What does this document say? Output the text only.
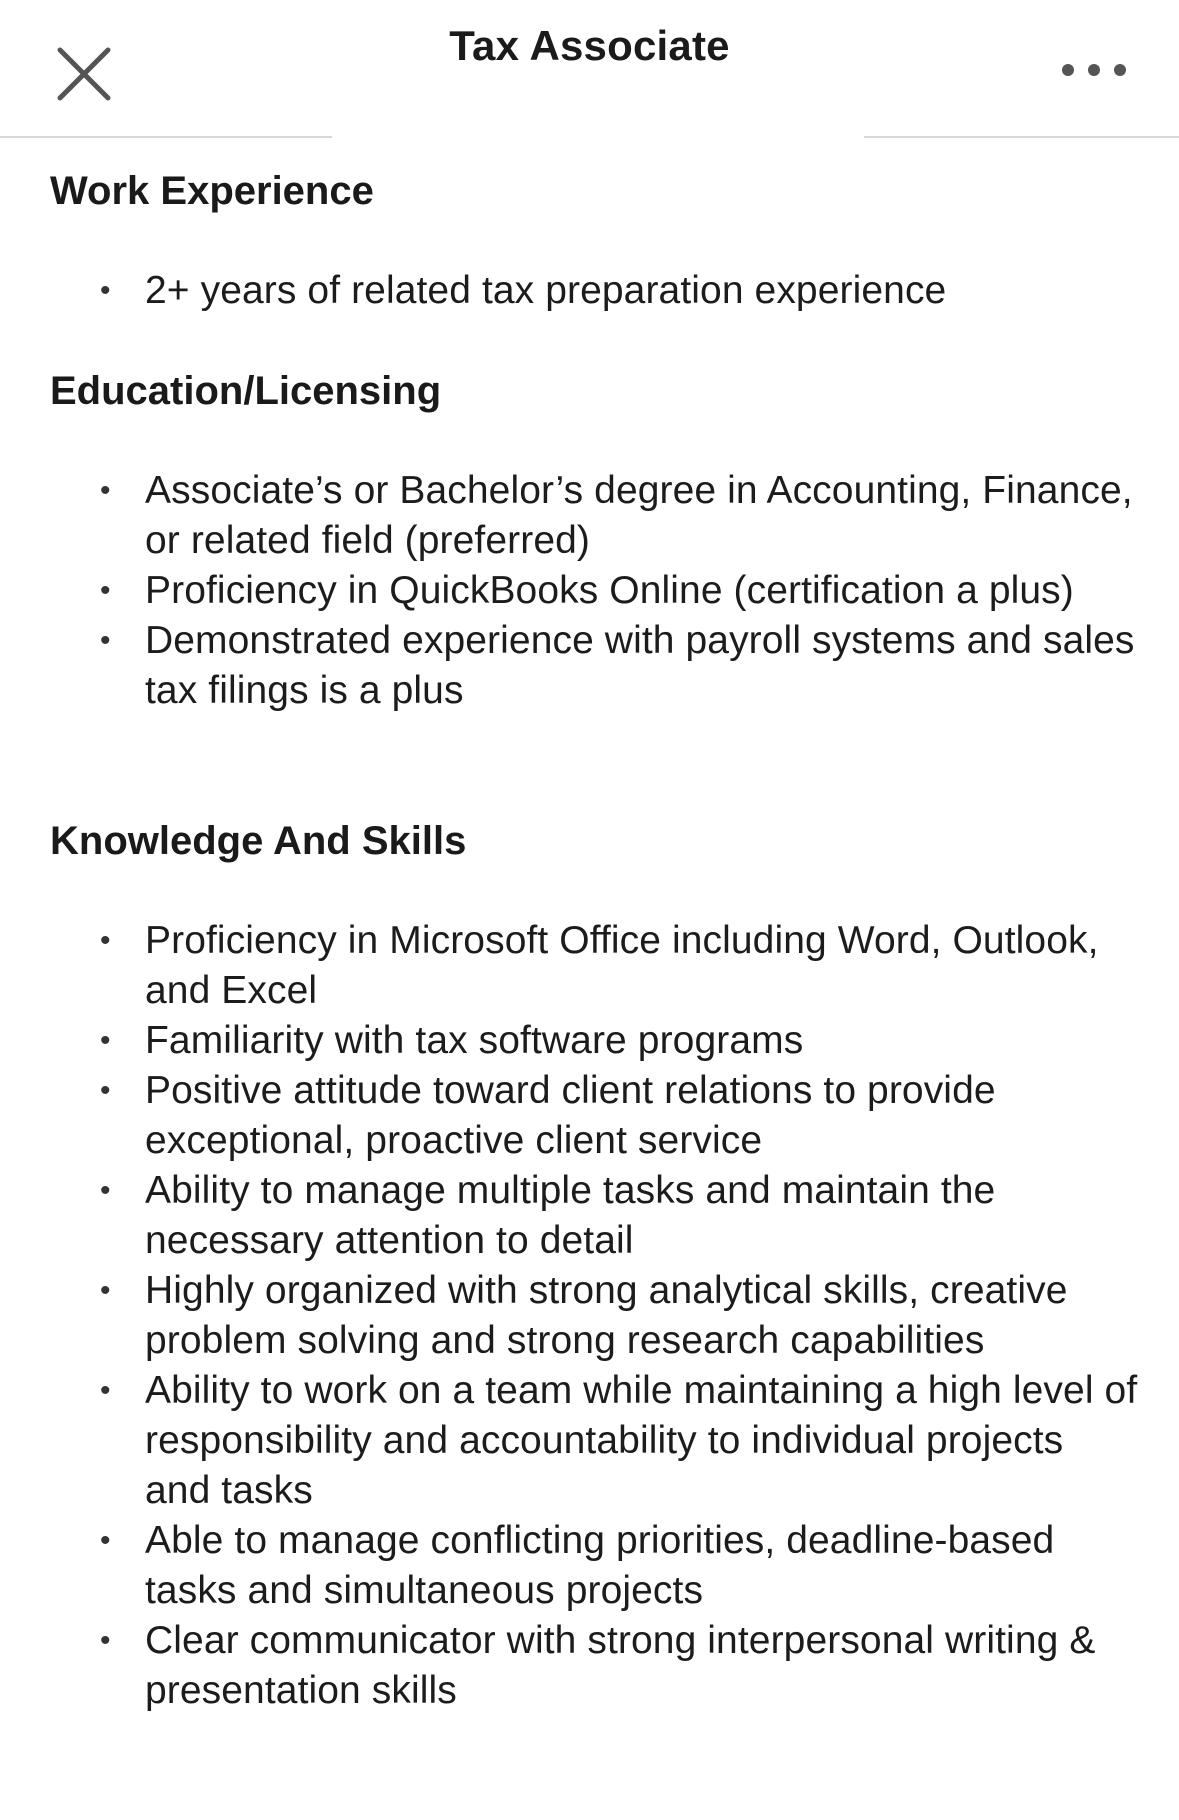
Tax Associate
Work Experience
• 2+ years of related tax preparation experience
Education/Licensing
• Associate’s or Bachelor’s degree in Accounting, Finance, or related field (preferred)
• Proficiency in QuickBooks Online (certification a plus)
• Demonstrated experience with payroll systems and sales tax filings is a plus
Knowledge And Skills
• Proficiency in Microsoft Office including Word, Outlook, and Excel
• Familiarity with tax software programs
• Positive attitude toward client relations to provide exceptional, proactive client service
• Ability to manage multiple tasks and maintain the necessary attention to detail
• Highly organized with strong analytical skills, creative problem solving and strong research capabilities
• Ability to work on a team while maintaining a high level of responsibility and accountability to individual projects and tasks
• Able to manage conflicting priorities, deadline-based tasks and simultaneous projects
• Clear communicator with strong interpersonal writing & presentation skills
